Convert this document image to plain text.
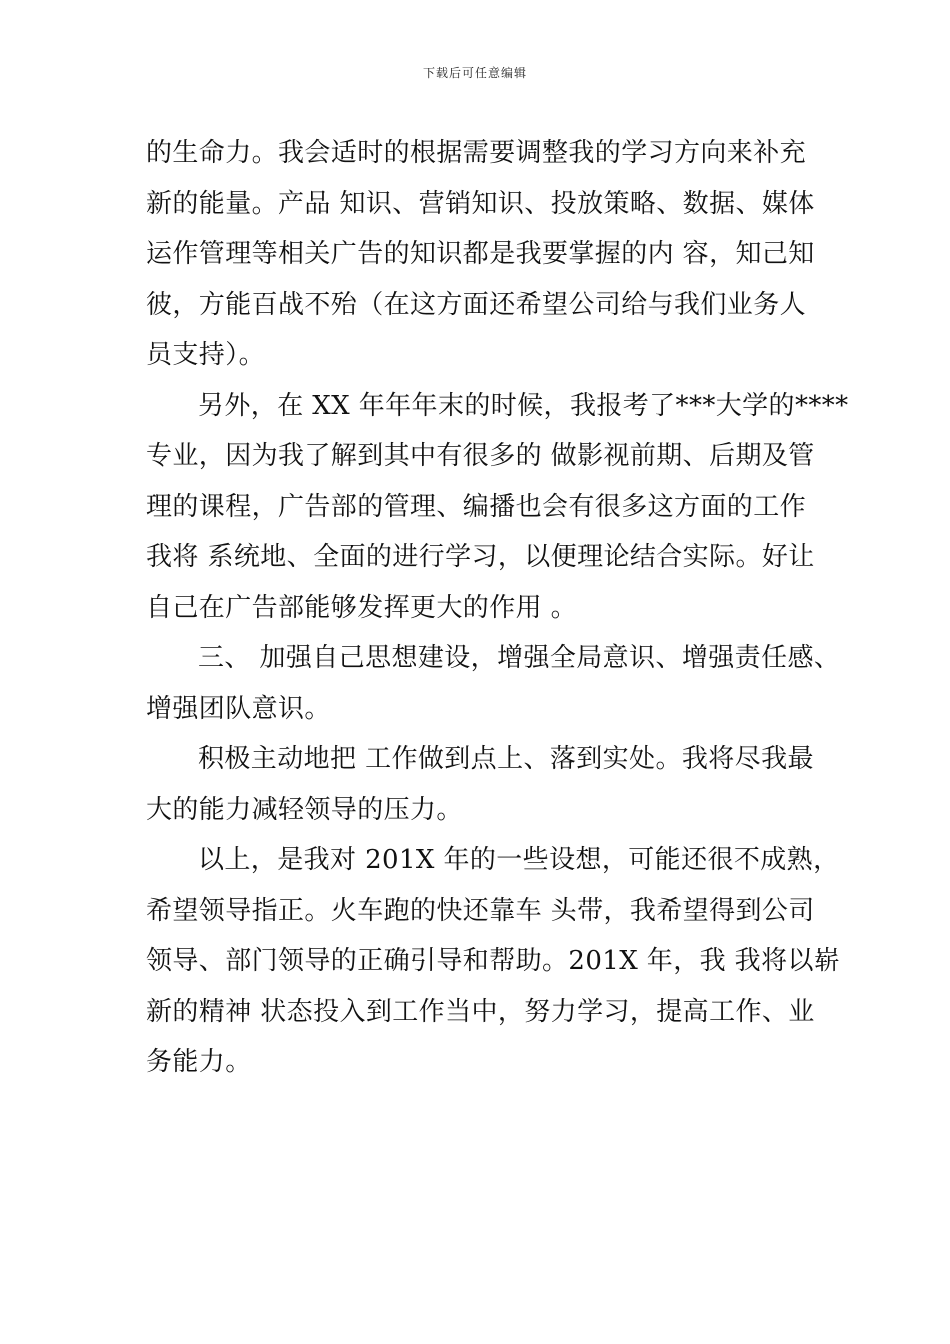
下载后可任意编辑
的生命力。我会适时的根据需要调整我的学习方向来补充
新的能量。产品 知识、营销知识、投放策略、数据、媒体
运作管理等相关广告的知识都是我要掌握的内 容，知己知
彼，方能百战不殆（在这方面还希望公司给与我们业务人
员支持）。
另外，在 XX 年年年末的时候，我报考了***大学的****
专业，因为我了解到其中有很多的 做影视前期、后期及管
理的课程，广告部的管理、编播也会有很多这方面的工作
我将 系统地、全面的进行学习，以便理论结合实际。好让
自己在广告部能够发挥更大的作用 。
三、 加强自己思想建设，增强全局意识、增强责任感、
增强团队意识。
积极主动地把 工作做到点上、落到实处。我将尽我最
大的能力减轻领导的压力。
以上，是我对 201X 年的一些设想，可能还很不成熟，
希望领导指正。火车跑的快还靠车 头带，我希望得到公司
领导、部门领导的正确引导和帮助。201X 年，我 我将以崭
新的精神 状态投入到工作当中，努力学习，提高工作、业
务能力。
